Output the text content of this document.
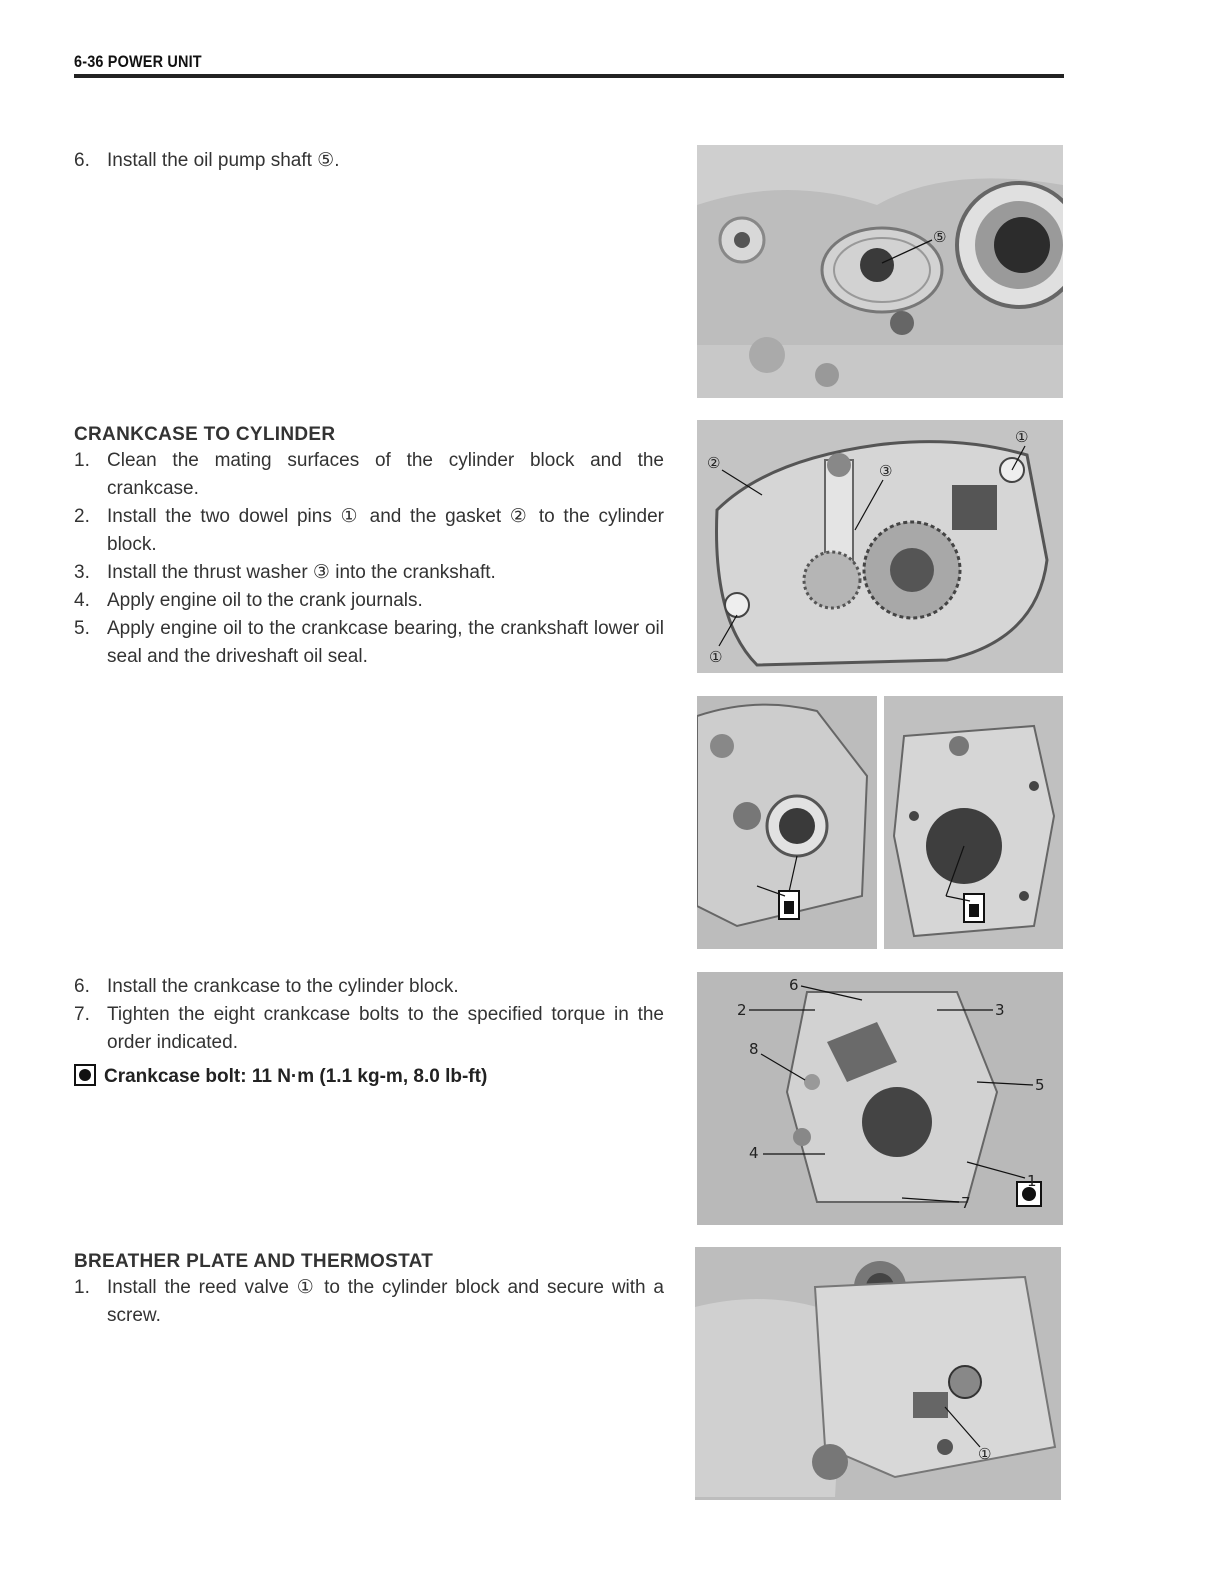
6-36 POWER UNIT
6. Install the oil pump shaft ⑤.
CRANKCASE TO CYLINDER
1. Clean the mating surfaces of the cylinder block and the crankcase.
2. Install the two dowel pins ① and the gasket ② to the cylinder block.
3. Install the thrust washer ③ into the crankshaft.
4. Apply engine oil to the crank journals.
5. Apply engine oil to the crankcase bearing, the crankshaft lower oil seal and the driveshaft oil seal.
6. Install the crankcase to the cylinder block.
7. Tighten the eight crankcase bolts to the specified torque in the order indicated.
Crankcase bolt: 11 N·m (1.1 kg-m, 8.0 lb-ft)
BREATHER PLATE AND THERMOSTAT
1. Install the reed valve ① to the cylinder block and secure with a screw.
⑤
①
②	③
①
6
2	3
8
5
4
1
7
①
